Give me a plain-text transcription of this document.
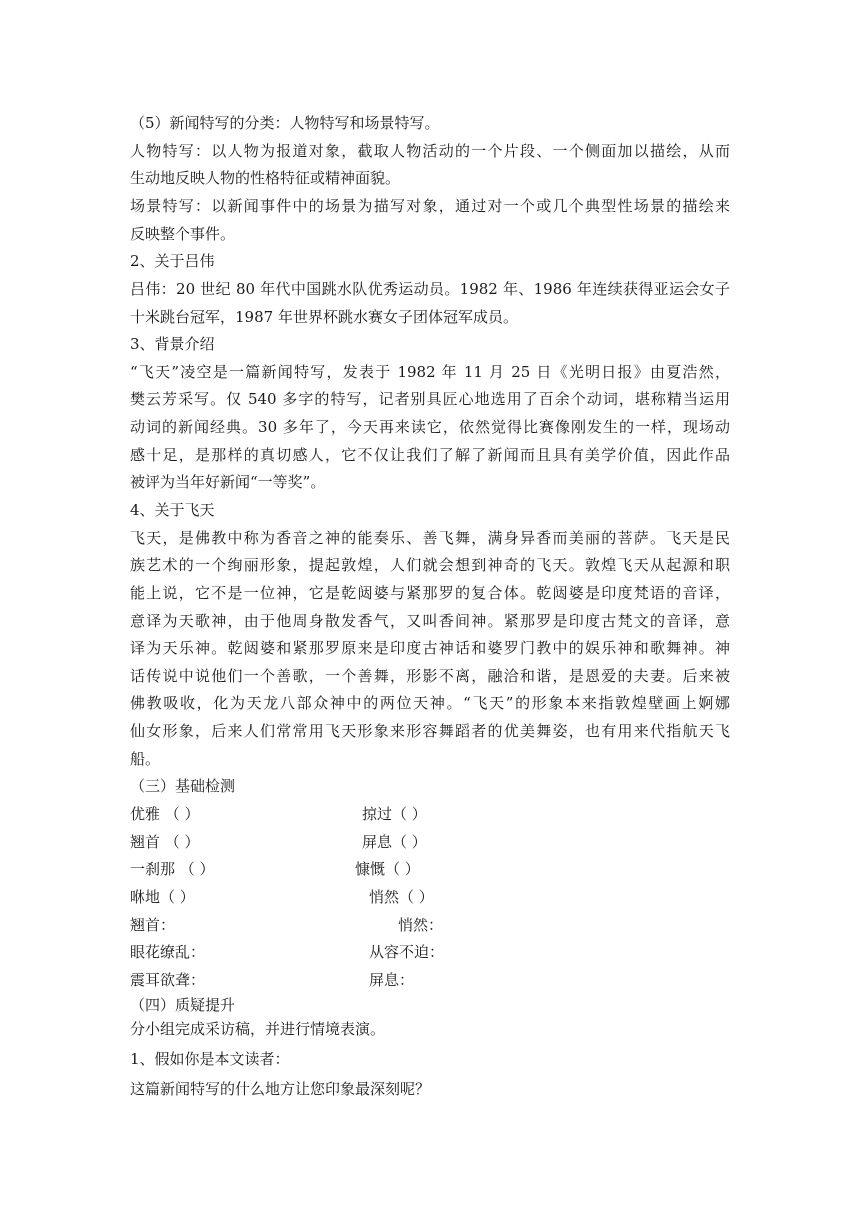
（5）新闻特写的分类：人物特写和场景特写。
人物特写：以人物为报道对象，截取人物活动的一个片段、一个侧面加以描绘，从而
生动地反映人物的性格特征或精神面貌。
场景特写：以新闻事件中的场景为描写对象，通过对一个或几个典型性场景的描绘来
反映整个事件。
2、关于吕伟
吕伟：20 世纪 80 年代中国跳水队优秀运动员。1982 年、1986 年连续获得亚运会女子
十米跳台冠军，1987 年世界杯跳水赛女子团体冠军成员。
3、背景介绍
“飞天”凌空是一篇新闻特写，发表于 1982 年 11 月 25 日《光明日报》由夏浩然，
樊云芳采写。仅 540 多字的特写，记者别具匠心地选用了百余个动词，堪称精当运用
动词的新闻经典。30 多年了，今天再来读它，依然觉得比赛像刚发生的一样，现场动
感十足，是那样的真切感人，它不仅让我们了解了新闻而且具有美学价值，因此作品
被评为当年好新闻“一等奖”。
4、关于飞天
飞天，是佛教中称为香音之神的能奏乐、善飞舞，满身异香而美丽的菩萨。飞天是民
族艺术的一个绚丽形象，提起敦煌，人们就会想到神奇的飞天。敦煌飞天从起源和职
能上说，它不是一位神，它是乾闼婆与紧那罗的复合体。乾闼婆是印度梵语的音译，
意译为天歌神，由于他周身散发香气，又叫香间神。紧那罗是印度古梵文的音译，意
译为天乐神。乾闼婆和紧那罗原来是印度古神话和婆罗门教中的娱乐神和歌舞神。神
话传说中说他们一个善歌，一个善舞，形影不离，融洽和谐，是恩爱的夫妻。后来被
佛教吸收，化为天龙八部众神中的两位天神。“飞天”的形象本来指敦煌壁画上婀娜
仙女形象，后来人们常常用飞天形象来形容舞蹈者的优美舞姿，也有用来代指航天飞
船。
（三）基础检测
优雅 （ ）	掠过（ ）
翘首 （ ）	屏息（ ）
一刹那 （ ）	慷慨（ ）
咻地（ ）	悄然（ ）
翘首：	悄然：
眼花缭乱：	从容不迫：
震耳欲聋：	屏息：
（四）质疑提升
分小组完成采访稿，并进行情境表演。
1、假如你是本文读者：
这篇新闻特写的什么地方让您印象最深刻呢？
